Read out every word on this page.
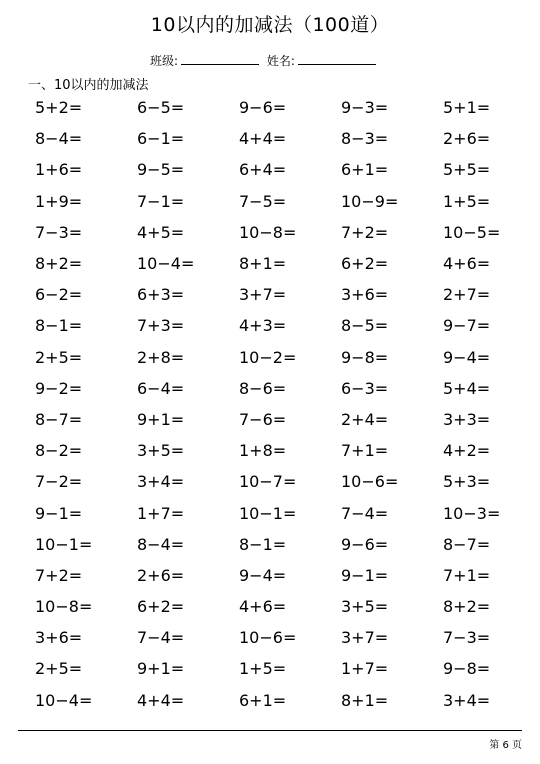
10以内的加减法（100道）
班级:	姓名:
一、10以内的加减法
5+2=	6−5=	9−6=	9−3=	5+1=
8−4=	6−1=	4+4=	8−3=	2+6=
1+6=	9−5=	6+4=	6+1=	5+5=
1+9=	7−1=	7−5=	10−9=	1+5=
7−3=	4+5=	10−8=	7+2=	10−5=
8+2=	10−4=	8+1=	6+2=	4+6=
6−2=	6+3=	3+7=	3+6=	2+7=
8−1=	7+3=	4+3=	8−5=	9−7=
2+5=	2+8=	10−2=	9−8=	9−4=
9−2=	6−4=	8−6=	6−3=	5+4=
8−7=	9+1=	7−6=	2+4=	3+3=
8−2=	3+5=	1+8=	7+1=	4+2=
7−2=	3+4=	10−7=	10−6=	5+3=
9−1=	1+7=	10−1=	7−4=	10−3=
10−1=	8−4=	8−1=	9−6=	8−7=
7+2=	2+6=	9−4=	9−1=	7+1=
10−8=	6+2=	4+6=	3+5=	8+2=
3+6=	7−4=	10−6=	3+7=	7−3=
2+5=	9+1=	1+5=	1+7=	9−8=
10−4=	4+4=	6+1=	8+1=	3+4=
第 6 页
